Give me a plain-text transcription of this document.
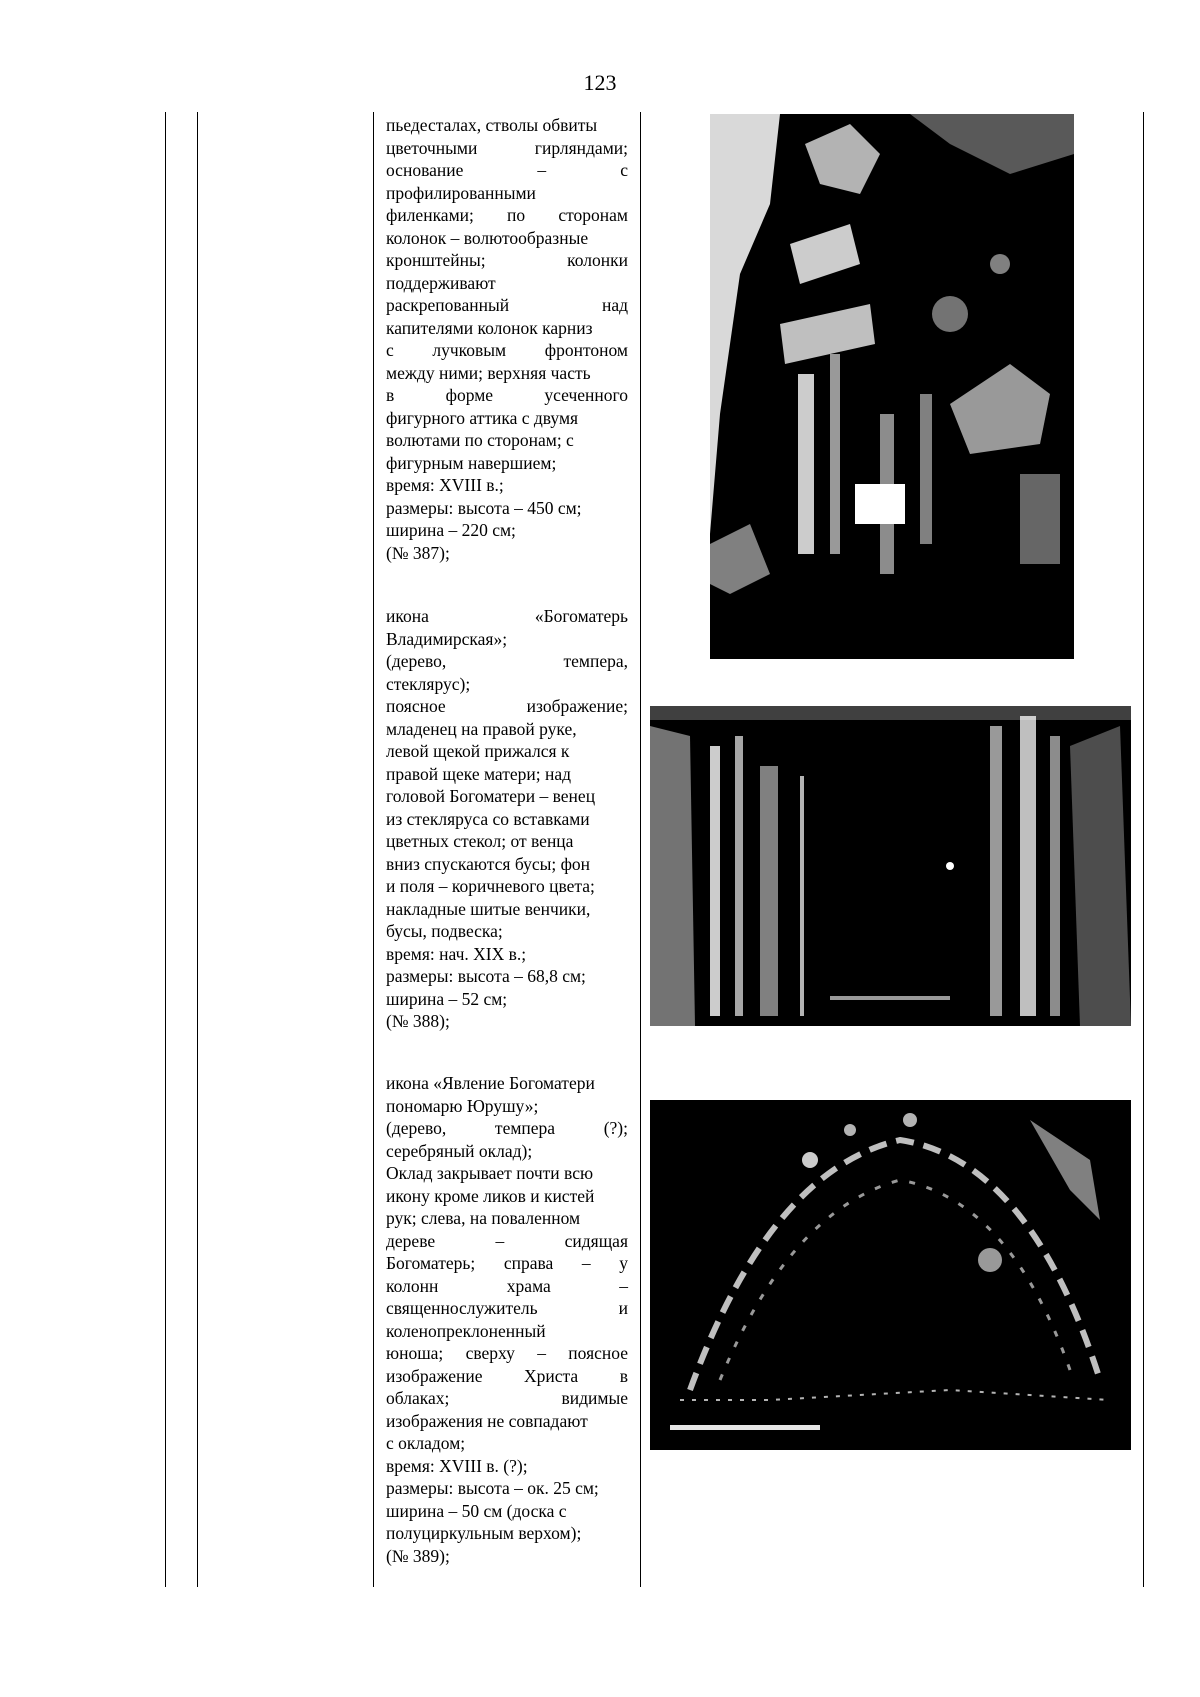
123
пьедесталах, стволы обвиты
цветочными гирляндами;
основание – с
профилированными
филенками; по сторонам
колонок – волютообразные
кронштейны; колонки
поддерживают
раскрепованный над
капителями колонок карниз
с лучковым фронтоном
между ними; верхняя часть
в форме усеченного
фигурного аттика с двумя
волютами по сторонам; с
фигурным навершием;
время: XVIII в.;
размеры: высота – 450 см;
ширина – 220 см;
(№ 387);
икона «Богоматерь
Владимирская»;
(дерево, темпера,
стеклярус);
поясное изображение;
младенец на правой руке,
левой щекой прижался к
правой щеке матери; над
головой Богоматери – венец
из стекляруса со вставками
цветных стекол; от венца
вниз спускаются бусы; фон
и поля – коричневого цвета;
накладные шитые венчики,
бусы, подвеска;
время: нач. XIX в.;
размеры: высота – 68,8 см;
ширина – 52 см;
(№ 388);
икона «Явление Богоматери
пономарю Юрушу»;
(дерево, темпера (?);
серебряный оклад);
Оклад закрывает почти всю
икону кроме ликов и кистей
рук; слева, на поваленном
дереве – сидящая
Богоматерь; справа – у
колонн храма –
священнослужитель и
коленопреклоненный
юноша; сверху – поясное
изображение Христа в
облаках; видимые
изображения не совпадают
с окладом;
время: XVIII в. (?);
размеры: высота – ок. 25 см;
ширина – 50 см (доска с
полуциркульным верхом);
(№ 389);
